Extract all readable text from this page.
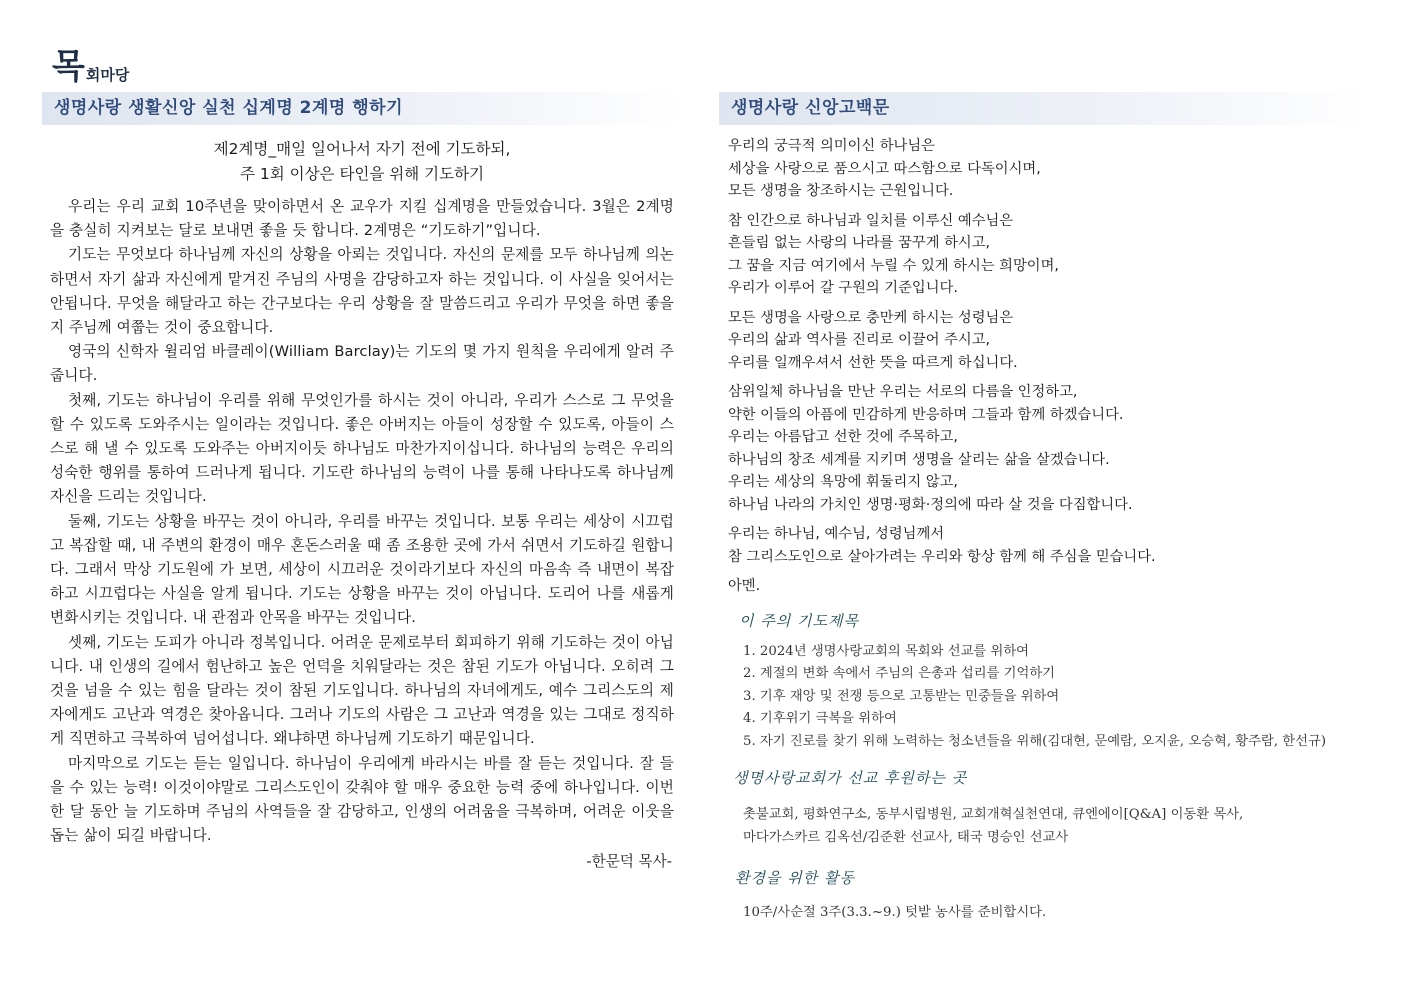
목 회마당
생명사랑 생활신앙 실천 십계명 2계명 행하기
제2계명_매일 일어나서 자기 전에 기도하되,
주 1회 이상은 타인을 위해 기도하기

우리는 우리 교회 10주년을 맞이하면서 온 교우가 지킬 십계명을 만들었습니다. 3월은 2계명을 충실히 지켜보는 달로 보내면 좋을 듯 합니다. 2계명은 “기도하기”입니다.

기도는 무엇보다 하나님께 자신의 상황을 아뢰는 것입니다. 자신의 문제를 모두 하나님께 의논하면서 자기 삶과 자신에게 맡겨진 주님의 사명을 감당하고자 하는 것입니다. 이 사실을 잊어서는 안됩니다. 무엇을 해달라고 하는 간구보다는 우리 상황을 잘 말씀드리고 우리가 무엇을 하면 좋을지 주님께 여쭙는 것이 중요합니다.

영국의 신학자 윌리엄 바클레이(William Barclay)는 기도의 몇 가지 원칙을 우리에게 알려 주줍니다.

첫째, 기도는 하나님이 우리를 위해 무엇인가를 하시는 것이 아니라, 우리가 스스로 그 무엇을 할 수 있도록 도와주시는 일이라는 것입니다. 좋은 아버지는 아들이 성장할 수 있도록, 아들이 스스로 해 낼 수 있도록 도와주는 아버지이듯 하나님도 마찬가지이십니다. 하나님의 능력은 우리의 성숙한 행위를 통하여 드러나게 됩니다. 기도란 하나님의 능력이 나를 통해 나타나도록 하나님께 자신을 드리는 것입니다.

둘째, 기도는 상황을 바꾸는 것이 아니라, 우리를 바꾸는 것입니다. 보통 우리는 세상이 시끄럽고 복잡할 때, 내 주변의 환경이 매우 혼돈스러울 때 좀 조용한 곳에 가서 쉬면서 기도하길 원합니다. 그래서 막상 기도원에 가 보면, 세상이 시끄러운 것이라기보다 자신의 마음속 즉 내면이 복잡하고 시끄럽다는 사실을 알게 됩니다. 기도는 상황을 바꾸는 것이 아닙니다. 도리어 나를 새롭게 변화시키는 것입니다. 내 관점과 안목을 바꾸는 것입니다.

셋째, 기도는 도피가 아니라 정복입니다. 어려운 문제로부터 회피하기 위해 기도하는 것이 아닙니다. 내 인생의 길에서 험난하고 높은 언덕을 치워달라는 것은 참된 기도가 아닙니다. 오히려 그것을 넘을 수 있는 힘을 달라는 것이 참된 기도입니다. 하나님의 자녀에게도, 예수 그리스도의 제자에게도 고난과 역경은 찾아옵니다. 그러나 기도의 사람은 그 고난과 역경을 있는 그대로 정직하게 직면하고 극복하여 넘어섭니다. 왜냐하면 하나님께 기도하기 때문입니다.

마지막으로 기도는 듣는 일입니다. 하나님이 우리에게 바라시는 바를 잘 듣는 것입니다. 잘 들을 수 있는 능력! 이것이야말로 그리스도인이 갖춰야 할 매우 중요한 능력 중에 하나입니다. 이번 한 달 동안 늘 기도하며 주님의 사역들을 잘 감당하고, 인생의 어려움을 극복하며, 어려운 이웃을 돕는 삶이 되길 바랍니다.

-한문덕 목사-
생명사랑 신앙고백문
우리의 궁극적 의미이신 하나님은
세상을 사랑으로 품으시고 따스함으로 다독이시며,
모든 생명을 창조하시는 근원입니다.
참 인간으로 하나님과 일치를 이루신 예수님은
흔들림 없는 사랑의 나라를 꿈꾸게 하시고,
그 꿈을 지금 여기에서 누릴 수 있게 하시는 희망이며,
우리가 이루어 갈 구원의 기준입니다.
모든 생명을 사랑으로 충만케 하시는 성령님은
우리의 삶과 역사를 진리로 이끌어 주시고,
우리를 일깨우셔서 선한 뜻을 따르게 하십니다.
삼위일체 하나님을 만난 우리는 서로의 다름을 인정하고,
약한 이들의 아픔에 민감하게 반응하며 그들과 함께 하겠습니다.
우리는 아름답고 선한 것에 주목하고,
하나님의 창조 세계를 지키며 생명을 살리는 삶을 살겠습니다.
우리는 세상의 욕망에 휘둘리지 않고,
하나님 나라의 가치인 생명·평화·정의에 따라 살 것을 다짐합니다.
우리는 하나님, 예수님, 성령님께서
참 그리스도인으로 살아가려는 우리와 항상 함께 해 주심을 믿습니다.
아멘.
이 주의 기도제목
1. 2024년 생명사랑교회의 목회와 선교를 위하여
2. 계절의 변화 속에서 주님의 은총과 섭리를 기억하기
3. 기후 재앙 및 전쟁 등으로 고통받는 민중들을 위하여
4. 기후위기 극복을 위하여
5. 자기 진로를 찾기 위해 노력하는 청소년들을 위해(김대현, 문예람, 오지윤, 오승혁, 황주람, 한선규)
생명사랑교회가 선교 후원하는 곳
촛불교회, 평화연구소, 동부시립병원, 교회개혁실천연대, 큐엔에이[Q&A] 이동환 목사,
마다가스카르 김옥선/김준환 선교사, 태국 명승인 선교사
환경을 위한 활동
10주/사순절 3주(3.3.~9.) 텃밭 농사를 준비합시다.
